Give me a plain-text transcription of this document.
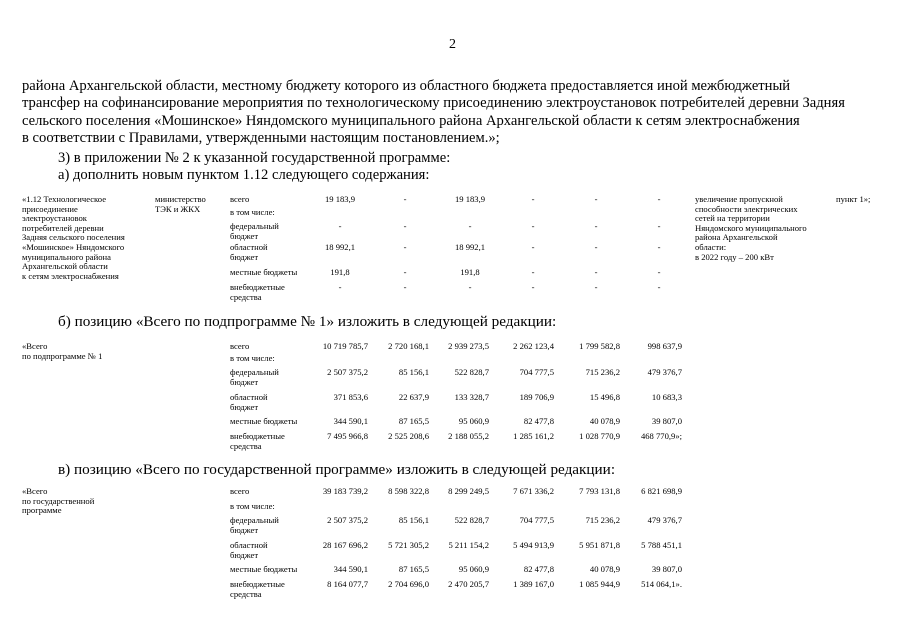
2
района Архангельской области, местному бюджету которого из областного бюджета предоставляется иной межбюджетный
трансфер на софинансирование мероприятия по технологическому присоединению электроустановок потребителей деревни Задняя
сельского поселения «Мошинское» Няндомского муниципального района Архангельской области к сетям электроснабжения
в соответствии с Правилами, утвержденными настоящим постановлением.»;
3) в приложении № 2 к указанной государственной программе:
а) дополнить новым пунктом 1.12 следующего содержания:
«1.12 Технологическое
присоединение
электроустановок
потребителей деревни
Задняя сельского поселения
«Мошинское» Няндомского
муниципального района
Архангельской области
к сетям электроснабжения
министерство
ТЭК и ЖКХ
всего	19 183,9	-	19 183,9	-	-	-
в том числе:
федеральный
бюджет
-	-	-	-	-	-
областной
бюджет
18 992,1	-	18 992,1	-	-	-
местные бюджеты	191,8	-	191,8	-	-	-
внебюджетные
средства
-	-	-	-	-	-
увеличение пропускной
способности электрических
сетей на территории
Няндомского муниципального
района Архангельской
области:
в 2022 году – 200 кВт
пункт 1»;
б) позицию «Всего по подпрограмме № 1» изложить в следующей редакции:
«Всего
по подпрограмме № 1
всего	10 719 785,7	2 720 168,1	2 939 273,5	2 262 123,4	1 799 582,8	998 637,9
в том числе:
федеральный
бюджет
2 507 375,2	85 156,1	522 828,7	704 777,5	715 236,2	479 376,7
областной
бюджет
371 853,6	22 637,9	133 328,7	189 706,9	15 496,8	10 683,3
местные бюджеты	344 590,1	87 165,5	95 060,9	82 477,8	40 078,9	39 807,0
внебюджетные
средства
7 495 966,8	2 525 208,6	2 188 055,2	1 285 161,2	1 028 770,9	468 770,9»;
в) позицию «Всего по государственной программе» изложить в следующей редакции:
«Всего
по государственной
программе
всего	39 183 739,2	8 598 322,8	8 299 249,5	7 671 336,2	7 793 131,8	6 821 698,9
в том числе:
федеральный
бюджет
2 507 375,2	85 156,1	522 828,7	704 777,5	715 236,2	479 376,7
областной
бюджет
28 167 696,2	5 721 305,2	5 211 154,2	5 494 913,9	5 951 871,8	5 788 451,1
местные бюджеты	344 590,1	87 165,5	95 060,9	82 477,8	40 078,9	39 807,0
внебюджетные
средства
8 164 077,7	2 704 696,0	2 470 205,7	1 389 167,0	1 085 944,9	514 064,1».
